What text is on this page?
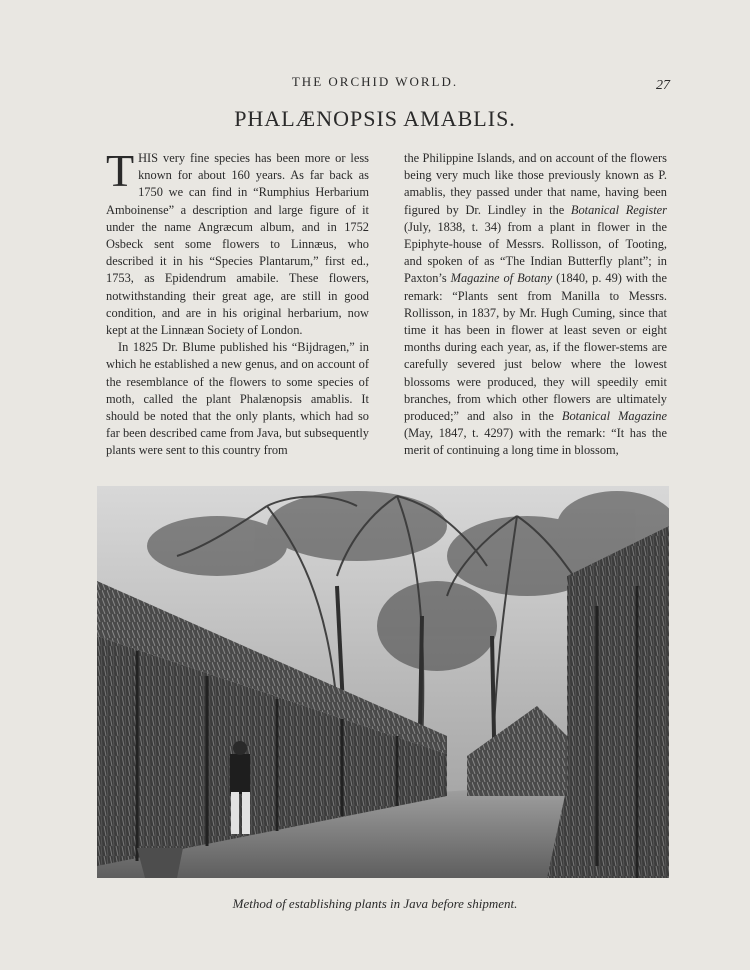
THE ORCHID WORLD.	27
PHALÆNOPSIS AMABLIS.

THIS very fine species has been more or less known for about 160 years. As far back as 1750 we can find in “Rumphius Herbarium Amboinense” a description and large figure of it under the name Angræcum album, and in 1752 Osbeck sent some flowers to Linnæus, who described it in his “Species Plantarum,” first ed., 1753, as Epidendrum amabile. These flowers, notwithstanding their great age, are still in good condition, and are in his original herbarium, now kept at the Linnæan Society of London.

In 1825 Dr. Blume published his “Bijdragen,” in which he established a new genus, and on account of the resemblance of the flowers to some species of moth, called the plant Phalænopsis amablis. It should be noted that the only plants, which had so far been described came from Java, but subsequently plants were sent to this country from

the Philippine Islands, and on account of the flowers being very much like those previously known as P. amablis, they passed under that name, having been figured by Dr. Lindley in the Botanical Register (July, 1838, t. 34) from a plant in flower in the Epiphyte-house of Messrs. Rollisson, of Tooting, and spoken of as “The Indian Butterfly plant”; in Paxton’s Magazine of Botany (1840, p. 49) with the remark: “Plants sent from Manilla to Messrs. Rollisson, in 1837, by Mr. Hugh Cuming, since that time it has been in flower at least seven or eight months during each year, as, if the flower-stems are carefully severed just below where the lowest blossoms were produced, they will speedily emit branches, from which other flowers are ultimately produced;” and also in the Botanical Magazine (May, 1847, t. 4297) with the remark: “It has the merit of continuing a long time in blossom,

Method of establishing plants in Java before shipment.
